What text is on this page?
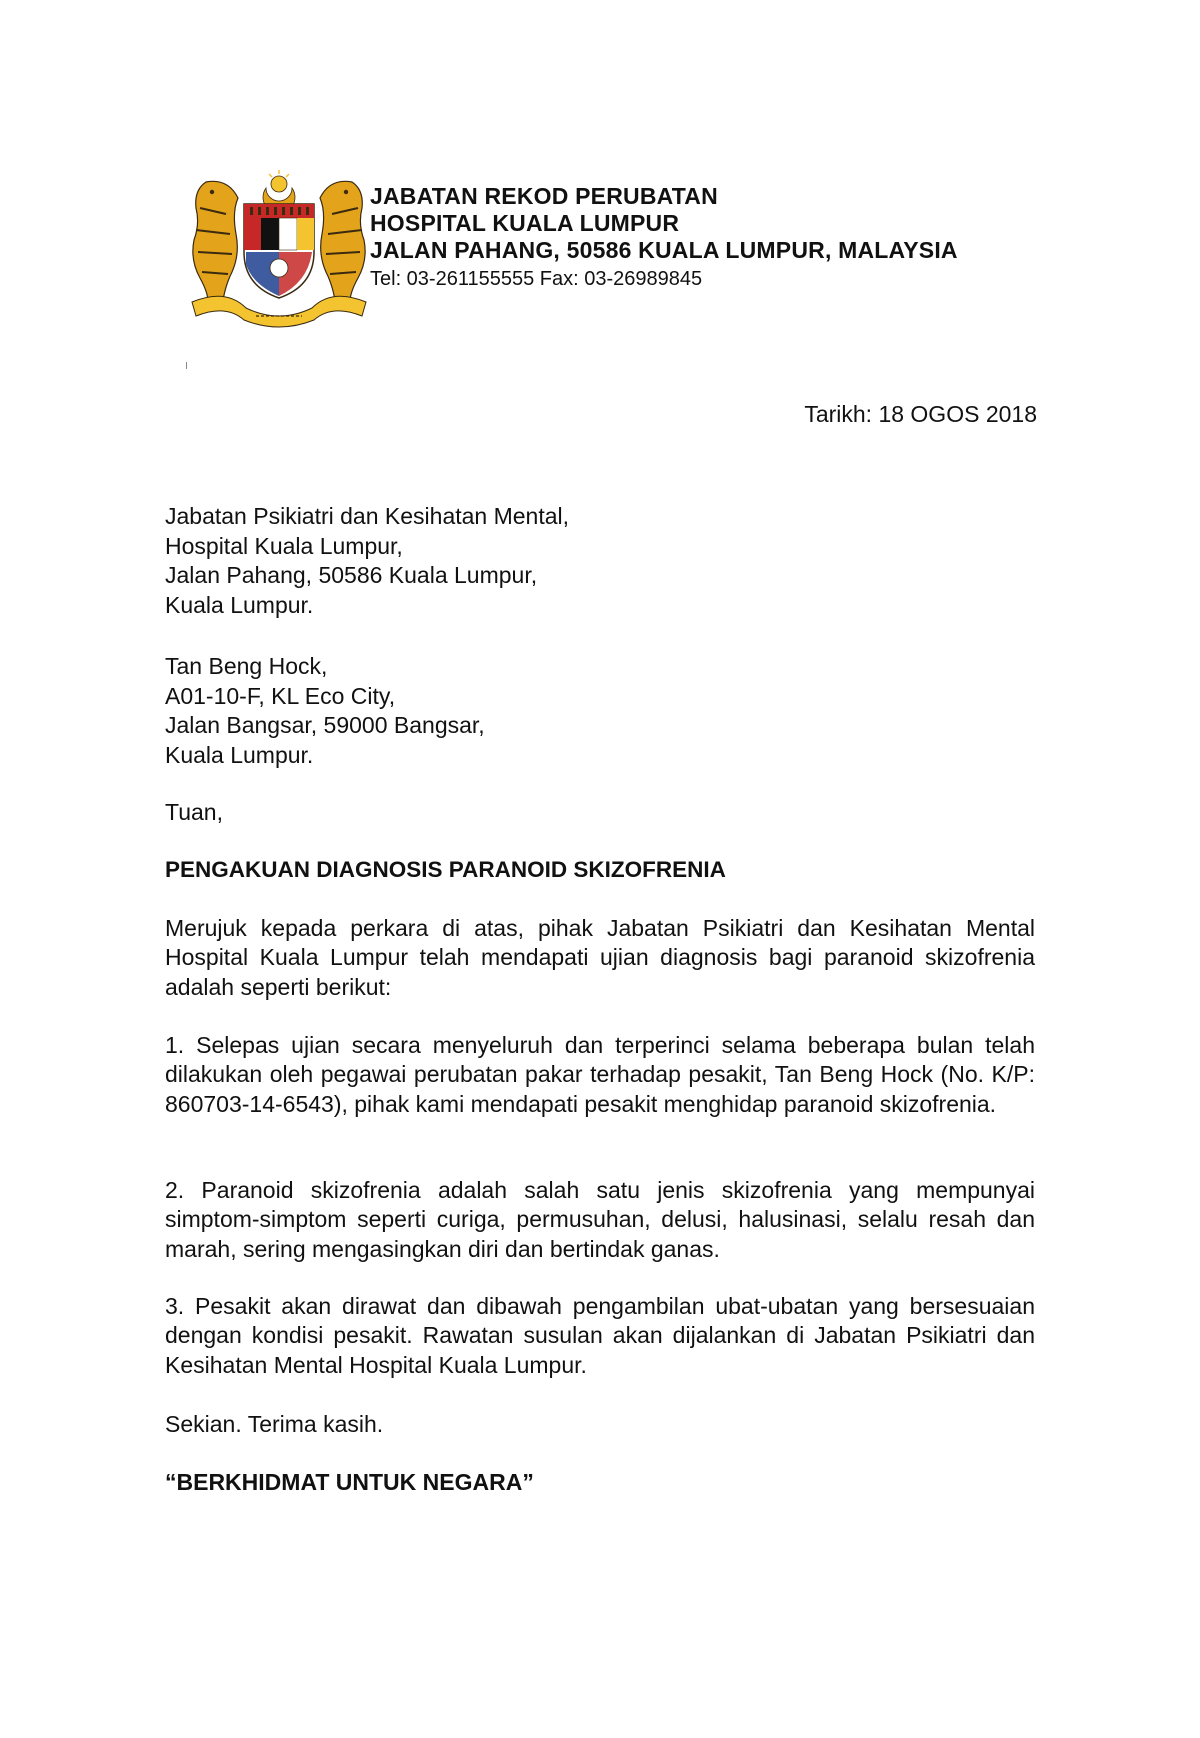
JABATAN REKOD PERUBATAN
HOSPITAL KUALA LUMPUR
JALAN PAHANG, 50586 KUALA LUMPUR, MALAYSIA
Tel: 03-261155555 Fax: 03-26989845
Tarikh: 18 OGOS 2018
Jabatan Psikiatri dan Kesihatan Mental,
Hospital Kuala Lumpur,
Jalan Pahang, 50586 Kuala Lumpur,
Kuala Lumpur.
Tan Beng Hock,
A01-10-F, KL Eco City,
Jalan Bangsar, 59000 Bangsar,
Kuala Lumpur.
Tuan,
PENGAKUAN DIAGNOSIS PARANOID SKIZOFRENIA
Merujuk kepada perkara di atas, pihak Jabatan Psikiatri dan Kesihatan Mental Hospital Kuala Lumpur telah mendapati ujian diagnosis bagi paranoid skizofrenia adalah seperti berikut:
1. Selepas ujian secara menyeluruh dan terperinci selama beberapa bulan telah dilakukan oleh pegawai perubatan pakar terhadap pesakit, Tan Beng Hock (No. K/P: 860703-14-6543), pihak kami mendapati pesakit menghidap paranoid skizofrenia.
2. Paranoid skizofrenia adalah salah satu jenis skizofrenia yang mempunyai simptom-simptom seperti curiga, permusuhan, delusi, halusinasi, selalu resah dan marah, sering mengasingkan diri dan bertindak ganas.
3. Pesakit akan dirawat dan dibawah pengambilan ubat-ubatan yang bersesuaian dengan kondisi pesakit. Rawatan susulan akan dijalankan di Jabatan Psikiatri dan Kesihatan Mental Hospital Kuala Lumpur.
Sekian. Terima kasih.
“BERKHIDMAT UNTUK NEGARA”
